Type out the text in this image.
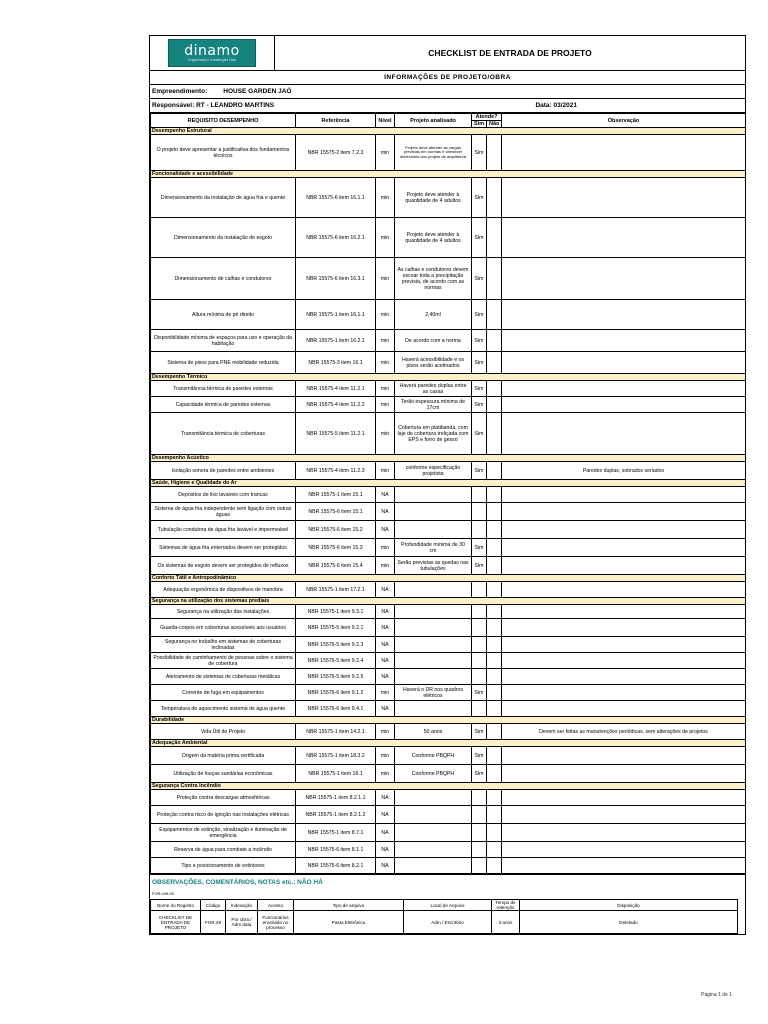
dinamo
Engenharia e Construção Ltda
CHECKLIST DE ENTRADA DE PROJETO
INFORMAÇÕES DE PROJETO/OBRA
Empreendimento:	HOUSE GARDEN JAÓ
Responsável: RT - LEANDRO MARTINS	Data: 03/2021
REQUISITO DESEMPENHO	Referência	Nível	Projeto analisado	Atende?		Observação
				Sim	Não	
Desempenho Estrutural						
O projeto deve apresentar a justificativa dos fundamentos técnicos	NBR 15575-2 item 7.2.3	min	Projeto deve atender as cargas previstas em normas e obedecer dimensões dos projeto de arquitetura	Sim		
Funcionalidade e acessibilidade						
Dimensionamento da instalação de água fria e quente	NBR 15575-6 item 16.1.1	min	Projeto deve atender à quantidade de 4 adultos	Sim		
Dimensionamento da instalação de esgoto	NBR 15575-6 item 16.2.1	min	Projeto deve atender à quantidade de 4 adultos	Sim		
Dimensionamento de calhas e condutores	NBR 15575-6 item 16.3.1	min	As calhas e condutores devem escoar toda a precipitação prevista, de acordo com as normas	Sim		
Altura mínima de pé direito	NBR 15575-1 item 16.1.1	min	2,40ml	Sim		
Disponibilidade mínima de espaços para uso e operação da habitação	NBR 15575-1 item 16.2.1	min	De acordo com a norma	Sim		
Sistema de pisos para PNE mobilidade reduzida	NBR 15575-3 item 16.1	min	Haverá acessibilidade e os pisos serão acetinados	Sim		
Desempenho Térmico						
Transmitância térmica de paredes externas	NBR 15575-4 item 11.2.1	min	Haverá paredes duplas entre as casas	Sim		
Capacidade térmica de paredes externas	NBR 15575-4 item 11.2.2	min	Terão espessura mínima de 17cm	Sim		
Transmitância térmica de coberturas	NBR 15575-5 item 11.2.1	min	Cobertura em platibanda, com laje de cobertura treliçada com EPS e forro de gesso	Sim		
Desempenho Acústico						
Isolação sonora de paredes entre ambientes	NBR 15575-4 item 11.2.3	min	conforme especificação projetista	Sim		Paredes duplas, sobrados seriados
Saúde, Higiene e Qualidade do Ar						
Depósitos de lixo lavaveis com trancas	NBR 15575-1 item 15.1	NA				
Sistema de água fria independente sem ligação com outras águas	NBR 15575-6 item 15.1	NA				
Tubulação condutora de água fria lavável e impermeável	NBR 15575-6 item 15.2	NA				
Sistemas de água fria enterrados devem ser protegidos	NBR 15575-6 item 15.3	min	Profundidade mínima de 30 cm	Sim		
Os sistemas de esgoto devem ser protegidos de refluxos	NBR 15575-6 item 15.4	min	Serão previstas as quedas nas tubulações	Sim		
Conforto Tátil e Antropodinâmico						
Adequação ergonômica de dispositivos de manobra	NBR 15575-1 item 17.2.1	NA				
Segurança na utilização dos sistemas prediais						
Segurança na utilização das instalações	NBR 15575-1 item 9.3.1	NA				
Guarda-corpos em coberturas acessíveis aos usuários	NBR 15575-5 item 9.2.1	NA				
Segurança no trabalho em sistemas de coberturas inclinadas	NBR 15575-5 item 9.2.3	NA				
Possibilidade de caminhamento de pessoas sobre o sistema de cobertura	NBR 15575-5 item 9.2.4	NA				
Aterramento de sistemas de coberturas metálicas	NBR 15575-5 item 9.2.5	NA				
Corrente de fuga em equipamentos	NBR 15575-6 item 9.1.2	min	Haverá o DR nos quadros elétricos	Sim		
Temperatura de aquecimento sistema de água quente	NBR 15575-6 item 9.4.1	NA				
Durabilidade						
Vida Útil de Projeto	NBR 15575-1 item 14.2.1	min	50 anos	Sim		Devem ser feitas as manutenções periódicas, sem alterações de projetos
Adequação Ambiental						
Origem da matéria prima certificada	NBR 15575-1 item 18.3.2	min	Conforme PBQPH	Sim		
Utilização de louças sanitárias econômicas	NBR 15575-1 item 18.1	min	Conforme PBQPH	Sim		
Segurança Contra Incêndio						
Proteção contra descargas atmosféricas	NBR 15575-1 item 8.2.1.1	NA				
Proteção contra risco de ignição nas instalações elétricas	NBR 15575-1 item 8.2.1.2	NA				
Equipamentos de extinção, sinalização e iluminação de emergência	NBR 15575-1 item 8.7.1	NA				
Reserva de água para combate a incêndio	NBR 15575-6 item 8.1.1	NA				
Tipo e posicionamento de extintores	NBR 15575-6 item 8.2.1	NA				
OBSERVAÇÕES, COMENTÁRIOS, NOTAS etc.: NÃO HÁ
FOR.049-00
Nome do Registro	Código	Indexação	Acesso	Tipo de arquivo	Local de Arquivo	Tempo de retenção	Disposição
CHECKLIST DE ENTRADA DE PROJETO	FOR.49	Por obra / Adm data	Funcionários envolvido no processo	Pasta Eletrônica	Adm / Escritório	3 anos	Deletado
Página 1 de 1
